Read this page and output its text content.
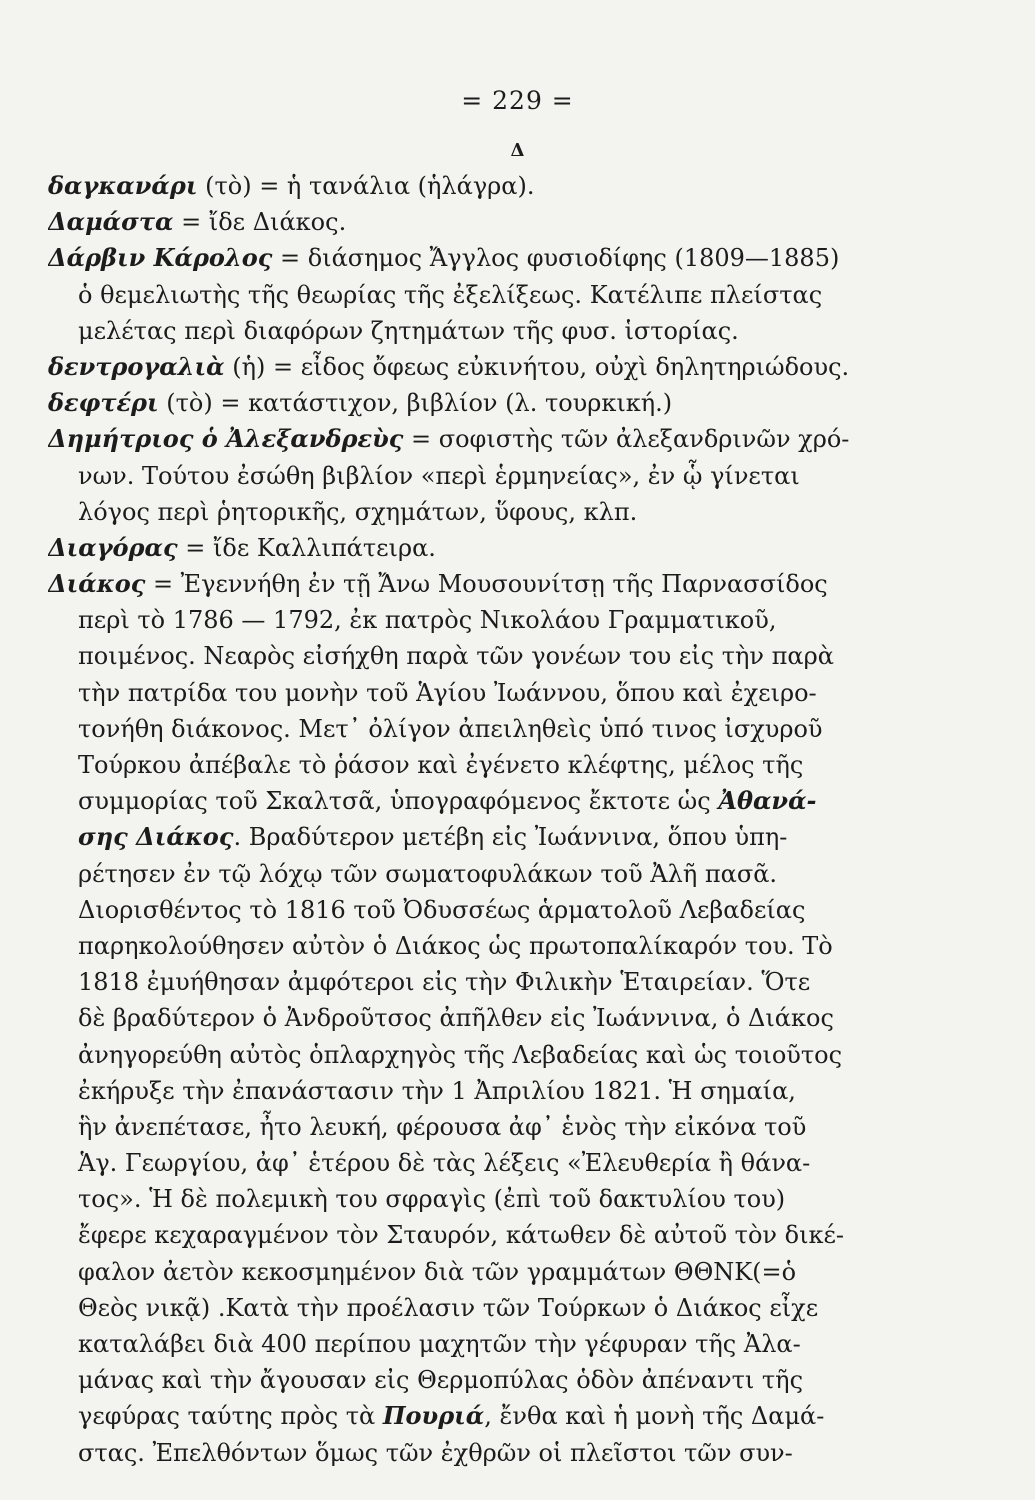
= 229 =
Δ
δαγκανάρι (τὸ) = ἡ τανάλια (ἡλάγρα).
Δαμάστα = ἴδε Διάκος.
Δάρβιν Κάρολος = διάσημος Ἄγγλος φυσιοδίφης (1809—1885)
ὁ θεμελιωτὴς τῆς θεωρίας τῆς ἐξελίξεως. Κατέλιπε πλείστας
μελέτας περὶ διαφόρων ζητημάτων τῆς φυσ. ἱστορίας.
δεντρογαλιὰ (ἡ) = εἶδος ὄφεως εὐκινήτου, οὐχὶ δηλητηριώδους.
δεφτέρι (τὸ) = κατάστιχον, βιβλίον (λ. τουρκική.)
Δημήτριος ὁ Ἀλεξανδρεὺς = σοφιστὴς τῶν ἀλεξανδρινῶν χρό-
νων. Τούτου ἐσώθη βιβλίον «περὶ ἑρμηνείας», ἐν ᾧ γίνεται
λόγος περὶ ῥητορικῆς, σχημάτων, ὕφους, κλπ.
Διαγόρας = ἴδε Καλλιπάτειρα.
Διάκος = Ἐγεννήθη ἐν τῇ Ἄνω Μουσουνίτσῃ τῆς Παρνασσίδος
περὶ τὸ 1786 — 1792, ἐκ πατρὸς Νικολάου Γραμματικοῦ,
ποιμένος. Νεαρὸς εἰσήχθη παρὰ τῶν γονέων του εἰς τὴν παρὰ
τὴν πατρίδα του μονὴν τοῦ Ἁγίου Ἰωάννου, ὅπου καὶ ἐχειρο-
τονήθη διάκονος. Μετ᾽ ὀλίγον ἀπειληθεὶς ὑπό τινος ἰσχυροῦ
Τούρκου ἀπέβαλε τὸ ῥάσον καὶ ἐγένετο κλέφτης, μέλος τῆς
συμμορίας τοῦ Σκαλτσᾶ, ὑπογραφόμενος ἔκτοτε ὡς Ἀθανά-
σης Διάκος. Βραδύτερον μετέβη εἰς Ἰωάννινα, ὅπου ὑπη-
ρέτησεν ἐν τῷ λόχῳ τῶν σωματοφυλάκων τοῦ Ἀλῆ πασᾶ.
Διορισθέντος τὸ 1816 τοῦ Ὀδυσσέως ἁρματολοῦ Λεβαδείας
παρηκολούθησεν αὐτὸν ὁ Διάκος ὡς πρωτοπαλίκαρόν του. Τὸ
1818 ἐμυήθησαν ἀμφότεροι εἰς τὴν Φιλικὴν Ἑταιρείαν. Ὅτε
δὲ βραδύτερον ὁ Ἀνδροῦτσος ἀπῆλθεν εἰς Ἰωάννινα, ὁ Διάκος
ἀνηγορεύθη αὐτὸς ὁπλαρχηγὸς τῆς Λεβαδείας καὶ ὡς τοιοῦτος
ἐκήρυξε τὴν ἐπανάστασιν τὴν 1 Ἀπριλίου 1821. Ἡ σημαία,
ἣν ἀνεπέτασε, ἦτο λευκή, φέρουσα ἀφ᾽ ἑνὸς τὴν εἰκόνα τοῦ
Ἁγ. Γεωργίου, ἀφ᾽ ἑτέρου δὲ τὰς λέξεις «Ἐλευθερία ἢ θάνα-
τος». Ἡ δὲ πολεμικὴ του σφραγὶς (ἐπὶ τοῦ δακτυλίου του)
ἔφερε κεχαραγμένον τὸν Σταυρόν, κάτωθεν δὲ αὐτοῦ τὸν δικέ-
φαλον ἀετὸν κεκοσμημένον διὰ τῶν γραμμάτων ΘΘΝΚ(=ὁ
Θεὸς νικᾷ) .Κατὰ τὴν προέλασιν τῶν Τούρκων ὁ Διάκος εἶχε
καταλάβει διὰ 400 περίπου μαχητῶν τὴν γέφυραν τῆς Ἀλα-
μάνας καὶ τὴν ἄγουσαν εἰς Θερμοπύλας ὁδὸν ἀπέναντι τῆς
γεφύρας ταύτης πρὸς τὰ Πουριά, ἔνθα καὶ ἡ μονὴ τῆς Δαμά-
στας. Ἐπελθόντων ὅμως τῶν ἐχθρῶν οἱ πλεῖστοι τῶν συν-
